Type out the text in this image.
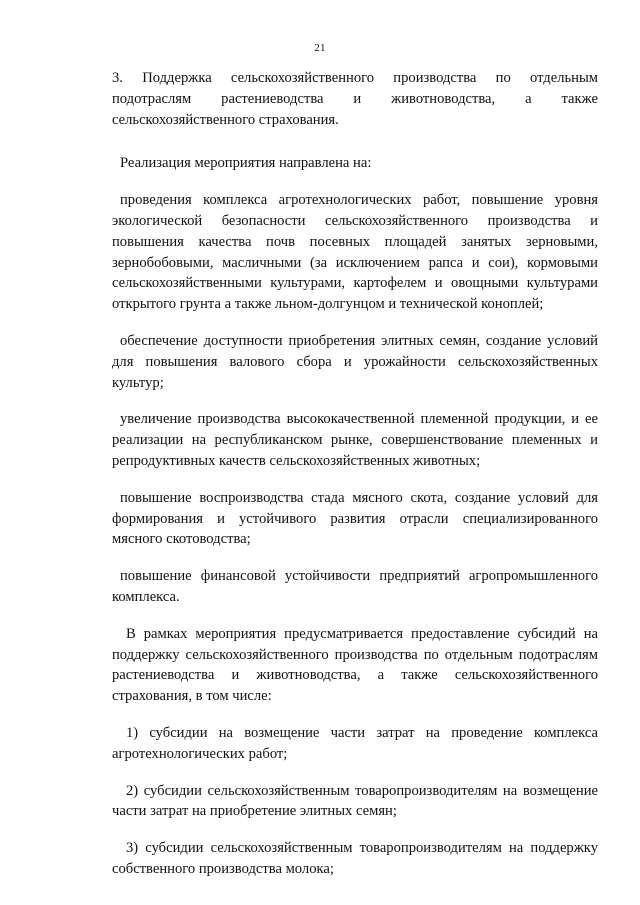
21

3. Поддержка сельскохозяйственного производства по отдельным подотраслям растениеводства и животноводства, а также сельскохозяйственного страхования.

Реализация мероприятия направлена на:

проведения комплекса агротехнологических работ, повышение уровня экологической безопасности сельскохозяйственного производства и повышения качества почв посевных площадей занятых зерновыми, зернобобовыми, масличными (за исключением рапса и сои), кормовыми сельскохозяйственными культурами, картофелем и овощными культурами открытого грунта а также льном-долгунцом и технической коноплей;

обеспечение доступности приобретения элитных семян, создание условий для повышения валового сбора и урожайности сельскохозяйственных культур;

увеличение производства высококачественной племенной продукции, и ее реализации на республиканском рынке, совершенствование племенных и репродуктивных качеств сельскохозяйственных животных;

повышение воспроизводства стада мясного скота, создание условий для формирования и устойчивого развития отрасли специализированного мясного скотоводства;

повышение финансовой устойчивости предприятий агропромышленного комплекса.

В рамках мероприятия предусматривается предоставление субсидий на поддержку сельскохозяйственного производства по отдельным подотраслям растениеводства и животноводства, а также сельскохозяйственного страхования, в том числе:

1) субсидии на возмещение части затрат на проведение комплекса агротехнологических работ;

2) субсидии сельскохозяйственным товаропроизводителям на возмещение части затрат на приобретение элитных семян;

3) субсидии сельскохозяйственным товаропроизводителям на поддержку собственного производства молока;
